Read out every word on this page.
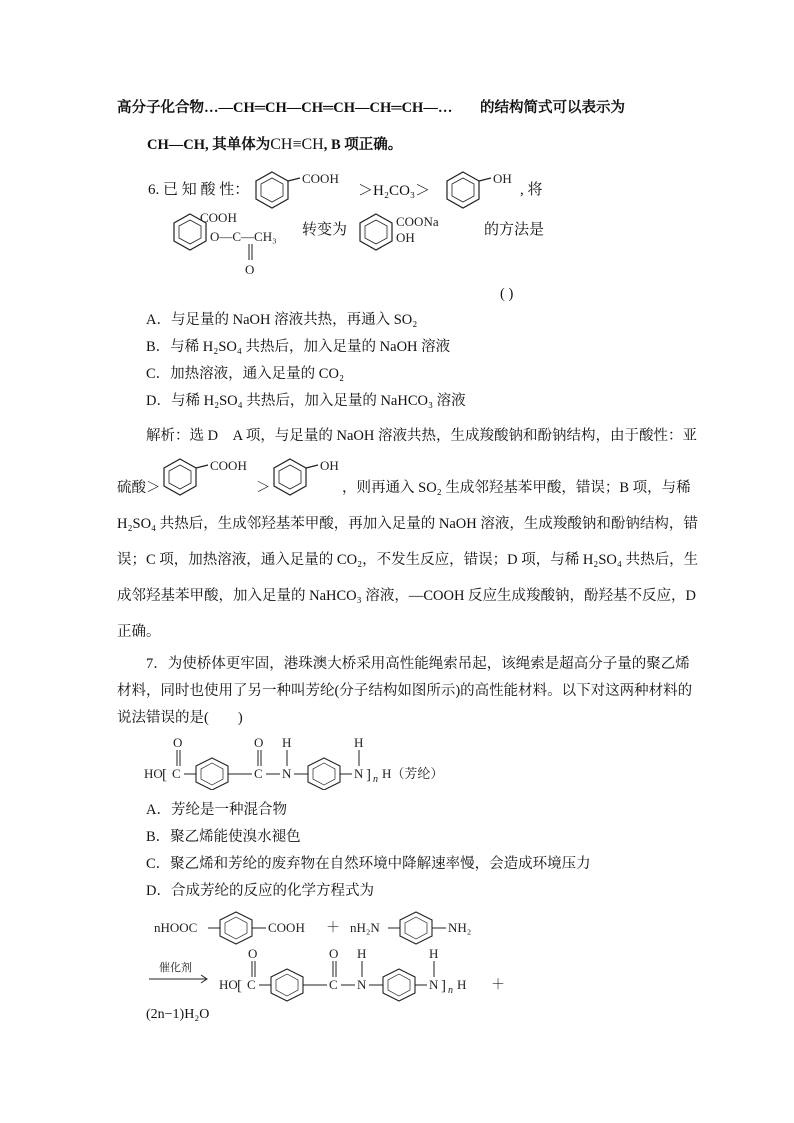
高分子化合物…—CH═CH—CH═CH—CH═CH—… 的结构简式可以表示为
CH—CH, 其单体为CH≡CH, B 项正确。
6. 已 知 酸 性：
COOH
＞H₂CO₃＞
OH
, 将
COOH
O—C—CH₃
O
转变为
COONa
OH	的方法是
( )
A．与足量的 NaOH 溶液共热，再通入 SO₂
B．与稀 H₂SO₄ 共热后，加入足量的 NaOH 溶液
C．加热溶液，通入足量的 CO₂
D．与稀 H₂SO₄ 共热后，加入足量的 NaHCO₃ 溶液
解析：选 D　A 项，与足量的 NaOH 溶液共热，生成羧酸钠和酚钠结构，由于酸性：亚
硫酸＞
COOH
＞
OH
，则再通入 SO₂ 生成邻羟基苯甲酸，错误；B 项，与稀
H₂SO₄ 共热后，生成邻羟基苯甲酸，再加入足量的 NaOH 溶液，生成羧酸钠和酚钠结构，错
误；C 项，加热溶液，通入足量的 CO₂，不发生反应，错误；D 项，与稀 H₂SO₄ 共热后，生
成邻羟基苯甲酸，加入足量的 NaHCO₃ 溶液，—COOH 反应生成羧酸钠，酚羟基不反应，D
正确。
7．为使桥体更牢固，港珠澳大桥采用高性能绳索吊起，该绳索是超高分子量的聚乙烯
材料，同时也使用了另一种叫芳纶(分子结构如图所示)的高性能材料。以下对这两种材料的
说法错误的是(　　)
HO [ C
O
C
O
N
H
N
H
] n H（芳纶）
A．芳纶是一种混合物
B．聚乙烯能使溴水褪色
C．聚乙烯和芳纶的废弃物在自然环境中降解速率慢，会造成环境压力
D．合成芳纶的反应的化学方程式为
nHOOC	COOH ＋ nH₂N	NH₂
催化剂
HO [ C
O
C
O
N
H
N
H
] n H ＋
(2n−1)H₂O
